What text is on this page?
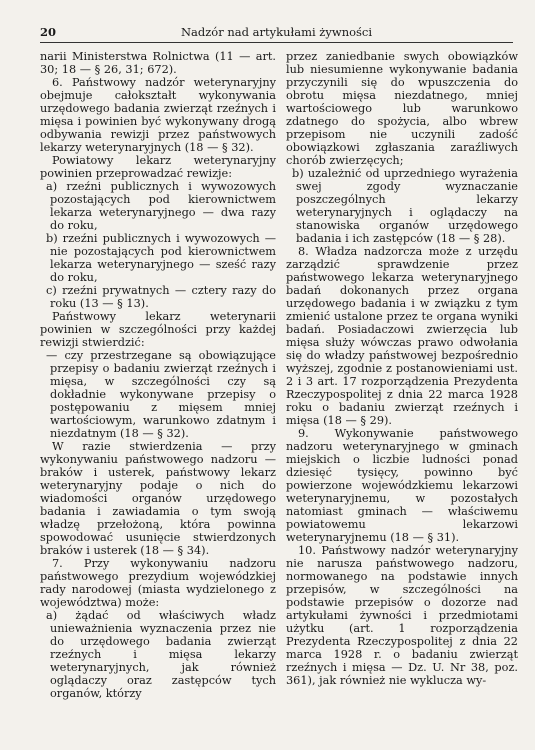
20	Nadzór nad artykułami żywności

narii Ministerstwa Rolnictwa (11 — art. 30; 18 — § 26, 31; 672).

6. Państwowy nadzór weterynaryjny obejmuje całokształt wykonywania urzędowego badania zwierząt rzeźnych i mięsa i powinien być wykonywany drogą odbywania rewizji przez państwowych lekarzy weterynaryjnych (18 — § 32).

Powiatowy lekarz weterynaryjny powinien przeprowadzać rewizje:

a) rzeźni publicznych i wywozowych pozostających pod kierownictwem lekarza weterynaryjnego — dwa razy do roku,

b) rzeźni publicznych i wywozowych — nie pozostających pod kierownictwem lekarza weterynaryjnego — sześć razy do roku,

c) rzeźni prywatnych — cztery razy do roku (13 — § 13).

Państwowy lekarz weterynarii powinien w szczególności przy każdej rewizji stwierdzić:

— czy przestrzegane są obowiązujące przepisy o badaniu zwierząt rzeźnych i mięsa, w szczególności czy są dokładnie wykonywane przepisy o postępowaniu z mięsem mniej wartościowym, warunkowo zdatnym i niezdatnym (18 — § 32).

W razie stwierdzenia — przy wykonywaniu państwowego nadzoru — braków i usterek, państwowy lekarz weterynaryjny podaje o nich do wiadomości organów urzędowego badania i zawiadamia o tym swoją władzę przełożoną, która powinna spowodować usunięcie stwierdzonych braków i usterek (18 — § 34).

7. Przy wykonywaniu nadzoru państwowego prezydium wojewódzkiej rady narodowej (miasta wydzielonego z województwa) może:

a) żądać od właściwych władz unieważnienia wyznaczenia przez nie do urzędowego badania zwierząt rzeźnych i mięsa lekarzy weterynaryjnych, jak również oglądaczy oraz zastępców tych organów, którzy

przez zaniedbanie swych obowiązków lub niesumienne wykonywanie badania przyczynili się do wpuszczenia do obrotu mięsa niezdatnego, mniej wartościowego lub warunkowo zdatnego do spożycia, albo wbrew przepisom nie uczynili zadość obowiązkowi zgłaszania zaraźliwych chorób zwierzęcych;

b) uzależnić od uprzedniego wyrażenia swej zgody wyznaczanie poszczególnych lekarzy weterynaryjnych i oglądaczy na stanowiska organów urzędowego badania i ich zastępców (18 — § 28).

8. Władza nadzorcza może z urzędu zarządzić sprawdzenie przez państwowego lekarza weterynaryjnego badań dokonanych przez organa urzędowego badania i w związku z tym zmienić ustalone przez te organa wyniki badań. Posiadaczowi zwierzęcia lub mięsa służy wówczas prawo odwołania się do władzy państwowej bezpośrednio wyższej, zgodnie z postanowieniami ust. 2 i 3 art. 17 rozporządzenia Prezydenta Rzeczypospolitej z dnia 22 marca 1928 roku o badaniu zwierząt rzeźnych i mięsa (18 — § 29).

9. Wykonywanie państwowego nadzoru weterynaryjnego w gminach miejskich o liczbie ludności ponad dziesięć tysięcy, powinno być powierzone wojewódzkiemu lekarzowi weterynaryjnemu, w pozostałych natomiast gminach — właściwemu powiatowemu lekarzowi weterynaryjnemu (18 — § 31).

10. Państwowy nadzór weterynaryjny nie narusza państwowego nadzoru, normowanego na podstawie innych przepisów, w szczególności na podstawie przepisów o dozorze nad artykułami żywności i przedmiotami użytku (art. 1 rozporządzenia Prezydenta Rzeczypospolitej z dnia 22 marca 1928 r. o badaniu zwierząt rzeźnych i mięsa — Dz. U. Nr 38, poz. 361), jak również nie wyklucza wy-
